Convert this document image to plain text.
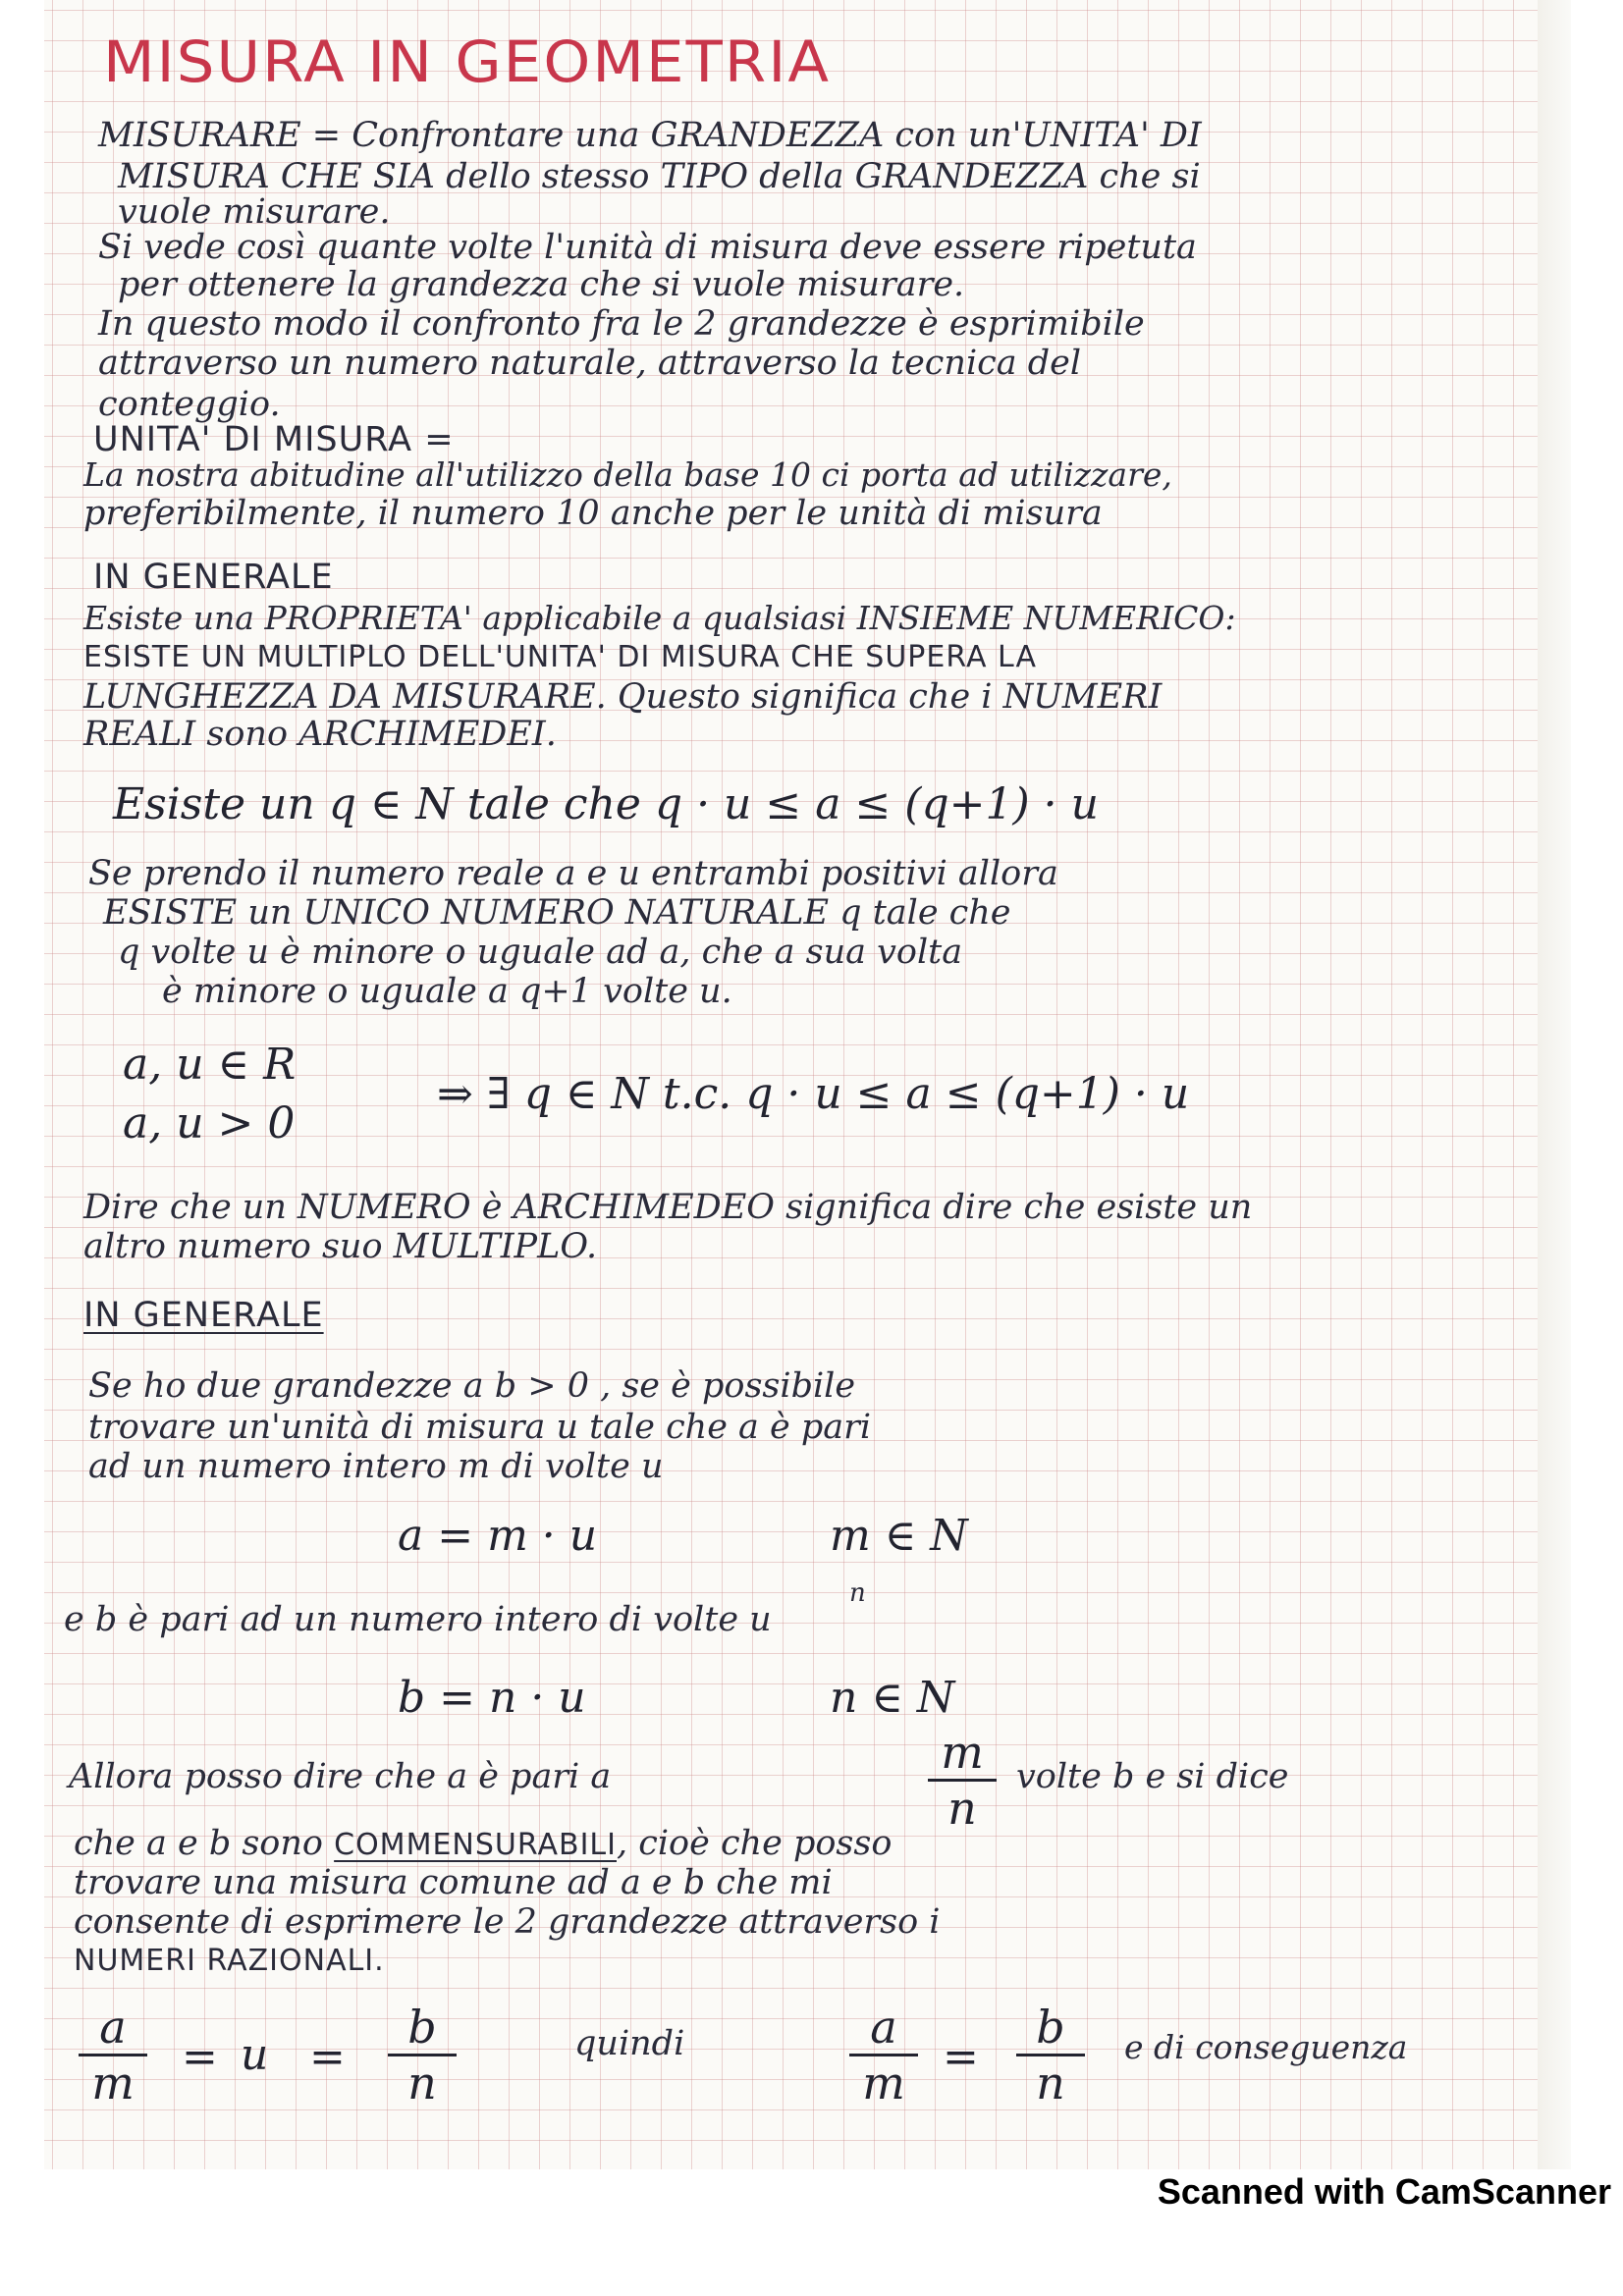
MISURA IN GEOMETRIA

MISURARE = Confrontare una GRANDEZZA con un'UNITA' DI

MISURA CHE SIA dello stesso TIPO della GRANDEZZA che si

vuole misurare.

Si vede così quante volte l'unità di misura deve essere ripetuta

per ottenere la grandezza che si vuole misurare.

In questo modo il confronto fra le 2 grandezze è esprimibile

attraverso un numero naturale, attraverso la tecnica del

conteggio.

UNITA' DI MISURA =

La nostra abitudine all'utilizzo della base 10 ci porta ad utilizzare,

preferibilmente, il numero 10 anche per le unità di misura

IN GENERALE

Esiste una PROPRIETA' applicabile a qualsiasi INSIEME NUMERICO:

ESISTE UN MULTIPLO DELL'UNITA' DI MISURA CHE SUPERA LA

LUNGHEZZA DA MISURARE. Questo significa che i NUMERI

REALI sono ARCHIMEDEI.

Esiste un q ∈ N tale che q · u ≤ a ≤ (q+1) · u

Se prendo il numero reale a e u entrambi positivi allora

ESISTE un UNICO NUMERO NATURALE q tale che

q volte u è minore o uguale ad a, che a sua volta

è minore o uguale a q+1 volte u.

a, u ∈ R

a, u > 0

⇒ ∃ q ∈ N t.c. q · u ≤ a ≤ (q+1) · u

Dire che un NUMERO è ARCHIMEDEO significa dire che esiste un

altro numero suo MULTIPLO.

IN GENERALE

Se ho due grandezze a b > 0 , se è possibile

trovare un'unità di misura u tale che a è pari

ad un numero intero m di volte u

a = m · u	m ∈ N

e b è pari ad un numero intero di volte u

n

b = n · u	n ∈ N

Allora posso dire che a è pari a	m
n

volte b e si dice

che a e b sono COMMENSURABILI, cioè che posso

trovare una misura comune ad a e b che mi

consente di esprimere le 2 grandezze attraverso i

NUMERI RAZIONALI.

a
m = u =
b
n

quindi	a
m =
b
n

e di conseguenza

Scanned with CamScanner
